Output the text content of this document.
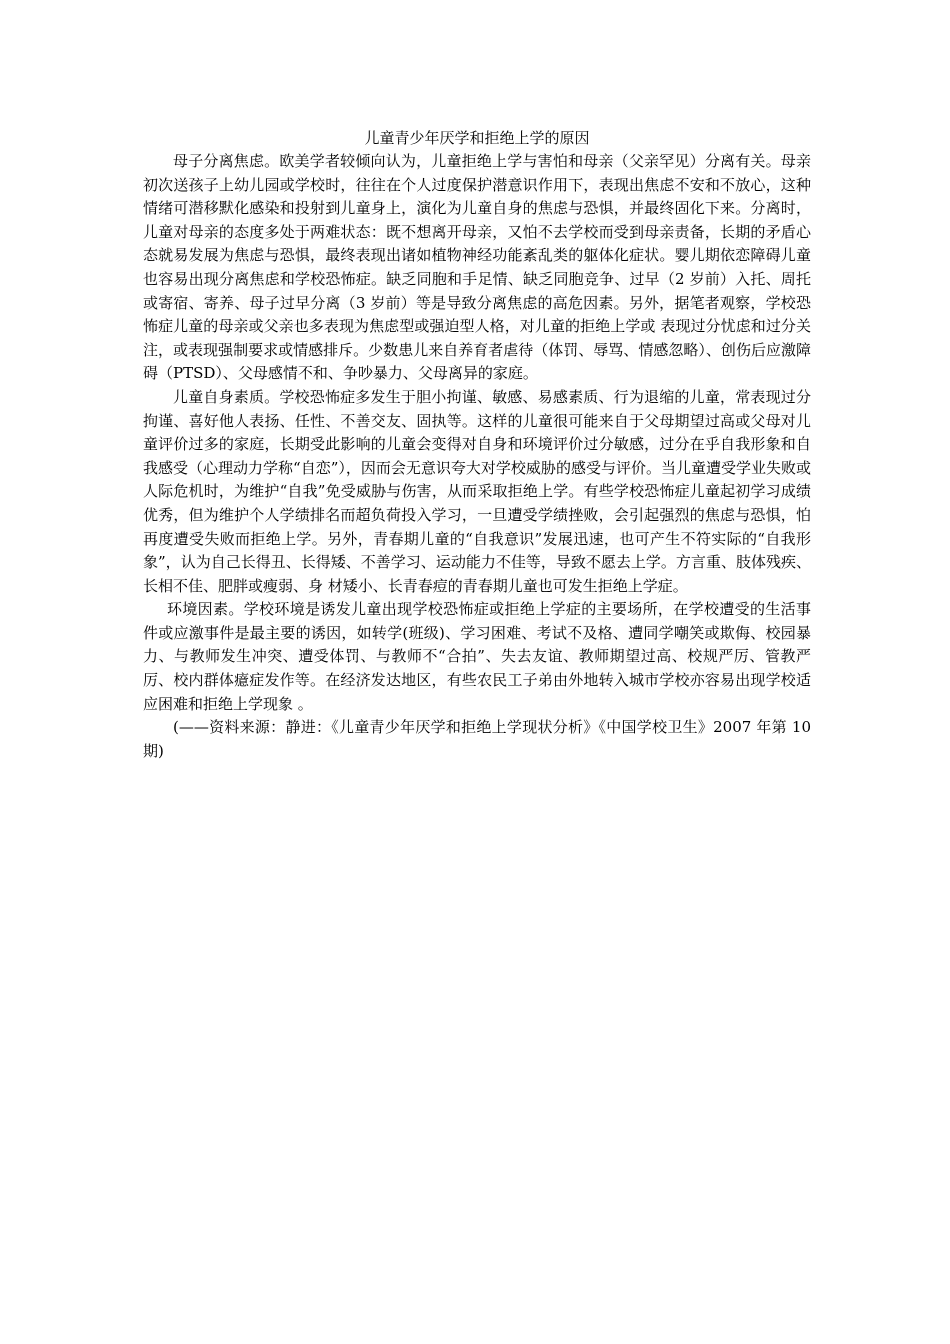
儿童青少年厌学和拒绝上学的原因

母子分离焦虑。欧美学者较倾向认为，儿童拒绝上学与害怕和母亲（父亲罕见）分离有关。母亲初次送孩子上幼儿园或学校时，往往在个人过度保护潜意识作用下，表现出焦虑不安和不放心，这种情绪可潜移默化感染和投射到儿童身上，演化为儿童自身的焦虑与恐惧，并最终固化下来。分离时，儿童对母亲的态度多处于两难状态：既不想离开母亲，又怕不去学校而受到母亲责备，长期的矛盾心态就易发展为焦虑与恐惧，最终表现出诸如植物神经功能紊乱类的躯体化症状。婴儿期依恋障碍儿童也容易出现分离焦虑和学校恐怖症。缺乏同胞和手足情、缺乏同胞竞争、过早（2 岁前）入托、周托或寄宿、寄养、母子过早分离（3 岁前）等是导致分离焦虑的高危因素。另外，据笔者观察，学校恐怖症儿童的母亲或父亲也多表现为焦虑型或强迫型人格，对儿童的拒绝上学或 表现过分忧虑和过分关注，或表现强制要求或情感排斥。少数患儿来自养育者虐待（体罚、辱骂、情感忽略）、创伤后应激障碍（PTSD）、父母感情不和、争吵暴力、父母离异的家庭。

儿童自身素质。学校恐怖症多发生于胆小拘谨、敏感、易感素质、行为退缩的儿童，常表现过分拘谨、喜好他人表扬、任性、不善交友、固执等。这样的儿童很可能来自于父母期望过高或父母对儿童评价过多的家庭，长期受此影响的儿童会变得对自身和环境评价过分敏感，过分在乎自我形象和自我感受（心理动力学称“自恋”），因而会无意识夸大对学校威胁的感受与评价。当儿童遭受学业失败或人际危机时，为维护“自我”免受威胁与伤害，从而采取拒绝上学。有些学校恐怖症儿童起初学习成绩优秀，但为维护个人学绩排名而超负荷投入学习，一旦遭受学绩挫败，会引起强烈的焦虑与恐惧，怕再度遭受失败而拒绝上学。另外，青春期儿童的“自我意识”发展迅速，也可产生不符实际的“自我形象”，认为自己长得丑、长得矮、不善学习、运动能力不佳等，导致不愿去上学。方言重、肢体残疾、长相不佳、肥胖或瘦弱、身 材矮小、长青春痘的青春期儿童也可发生拒绝上学症。

环境因素。学校环境是诱发儿童出现学校恐怖症或拒绝上学症的主要场所，在学校遭受的生活事件或应激事件是最主要的诱因，如转学(班级)、学习困难、考试不及格、遭同学嘲笑或欺侮、校园暴力、与教师发生冲突、遭受体罚、与教师不“合拍”、失去友谊、教师期望过高、校规严厉、管教严厉、校内群体癔症发作等。在经济发达地区，有些农民工子弟由外地转入城市学校亦容易出现学校适应困难和拒绝上学现象 。

(——资料来源：静进：《儿童青少年厌学和拒绝上学现状分析》《中国学校卫生》2007 年第 10 期)
